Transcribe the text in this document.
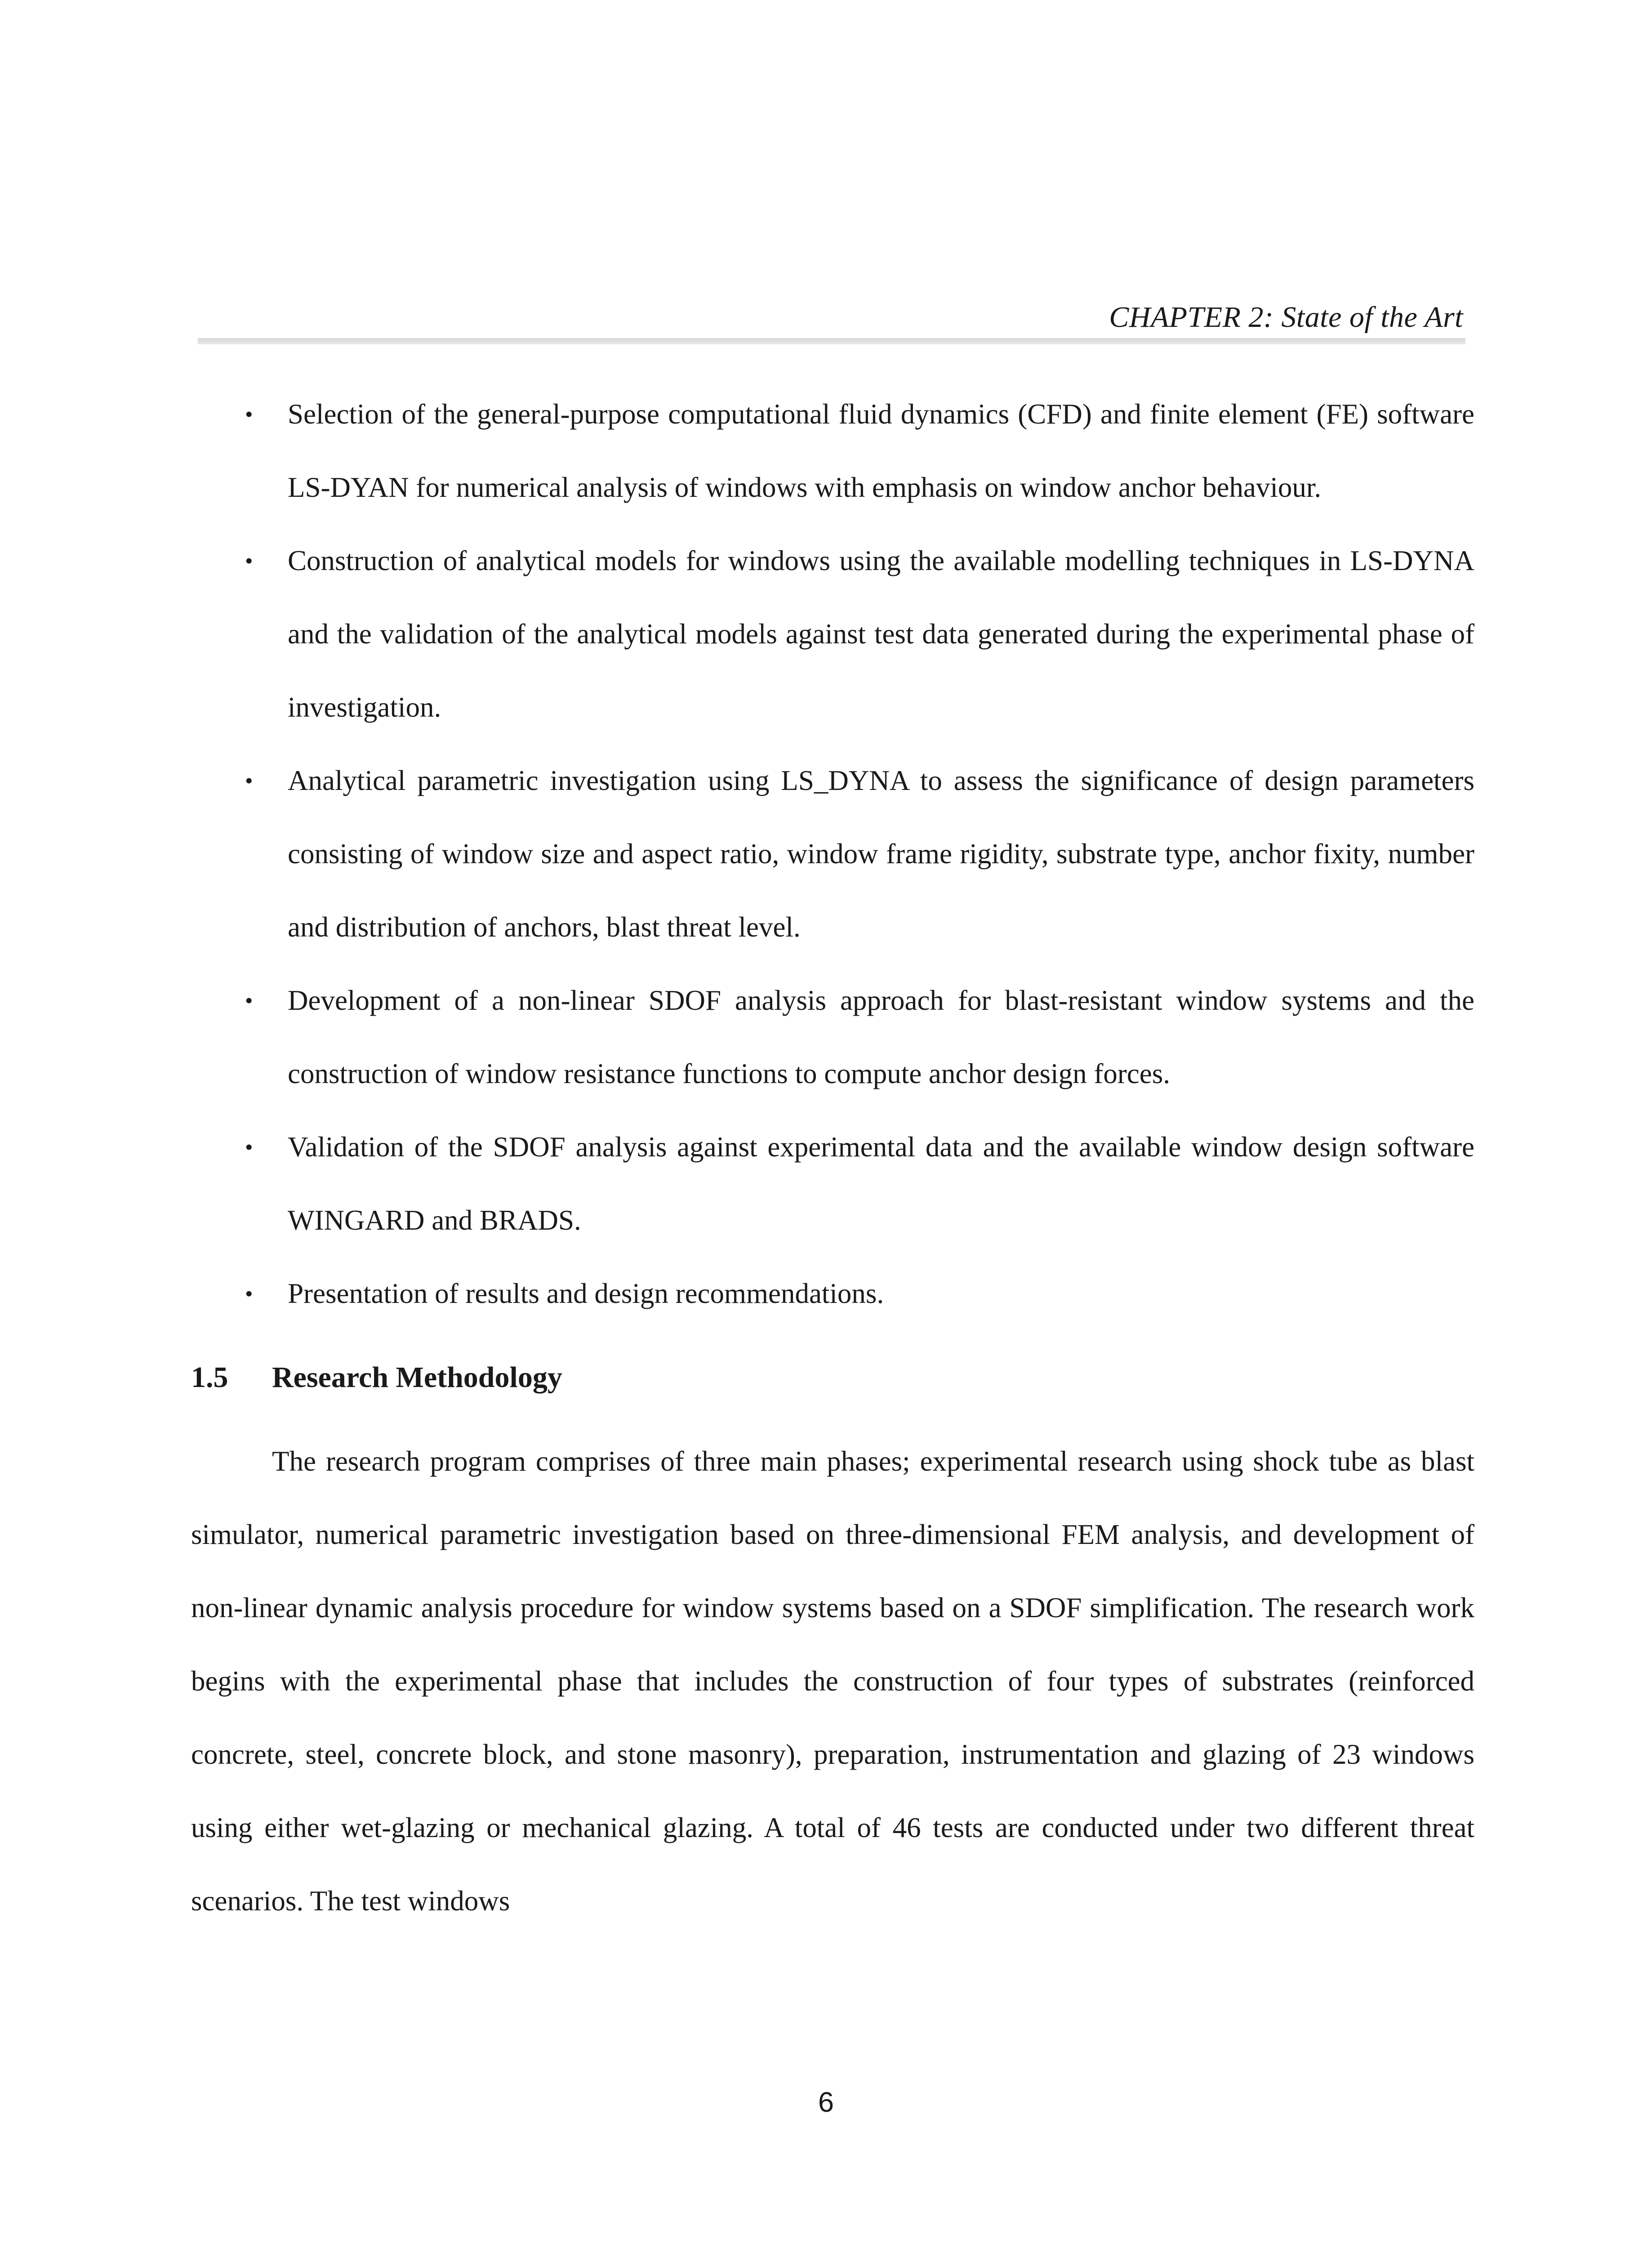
CHAPTER 2: State of the Art
• Selection of the general-purpose computational fluid dynamics (CFD) and finite element (FE) software LS-DYAN for numerical analysis of windows with emphasis on window anchor behaviour.
• Construction of analytical models for windows using the available modelling techniques in LS-DYNA and the validation of the analytical models against test data generated during the experimental phase of investigation.
• Analytical parametric investigation using LS_DYNA to assess the significance of design parameters consisting of window size and aspect ratio, window frame rigidity, substrate type, anchor fixity, number and distribution of anchors, blast threat level.
• Development of a non-linear SDOF analysis approach for blast-resistant window systems and the construction of window resistance functions to compute anchor design forces.
• Validation of the SDOF analysis against experimental data and the available window design software WINGARD and BRADS.
• Presentation of results and design recommendations.
1.5 Research Methodology

The research program comprises of three main phases; experimental research using shock tube as blast simulator, numerical parametric investigation based on three-dimensional FEM analysis, and development of non-linear dynamic analysis procedure for window systems based on a SDOF simplification. The research work begins with the experimental phase that includes the construction of four types of substrates (reinforced concrete, steel, concrete block, and stone masonry), preparation, instrumentation and glazing of 23 windows using either wet-glazing or mechanical glazing. A total of 46 tests are conducted under two different threat scenarios. The test windows

6
